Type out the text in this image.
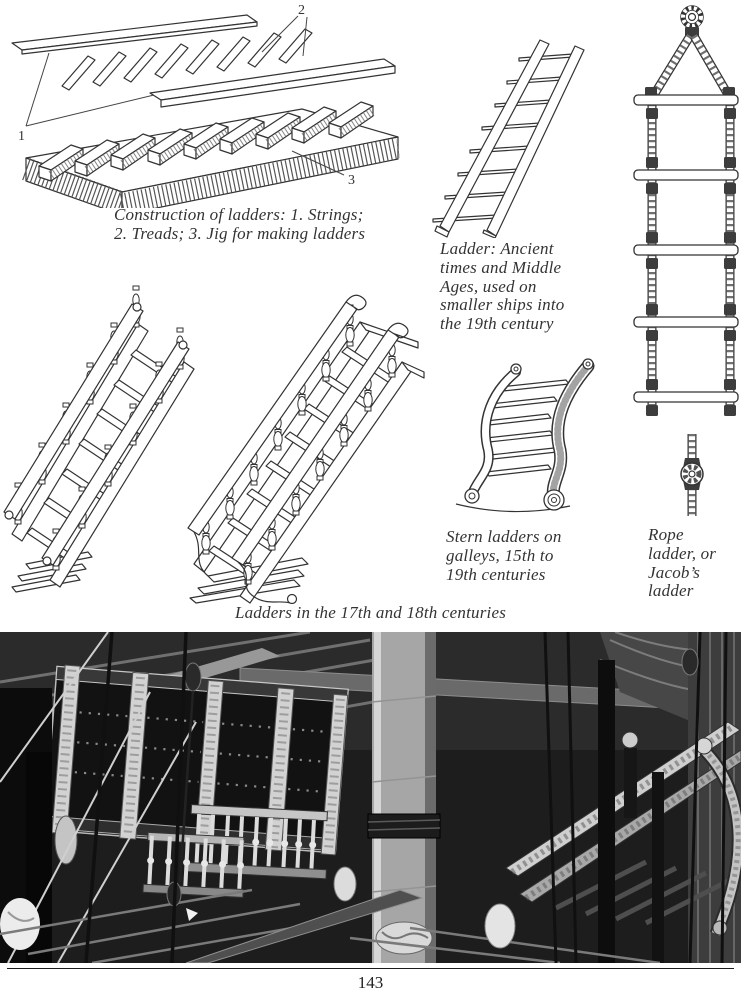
2
1
3
Construction of ladders: 1. Strings;
2. Treads; 3. Jig for making ladders
Ladder: Ancient
times and Middle
Ages, used on
smaller ships into
the 19th century
Rope
ladder, or
Jacob’s
ladder
Stern ladders on
galleys, 15th to
19th centuries
Ladders in the 17th and 18th centuries
143
